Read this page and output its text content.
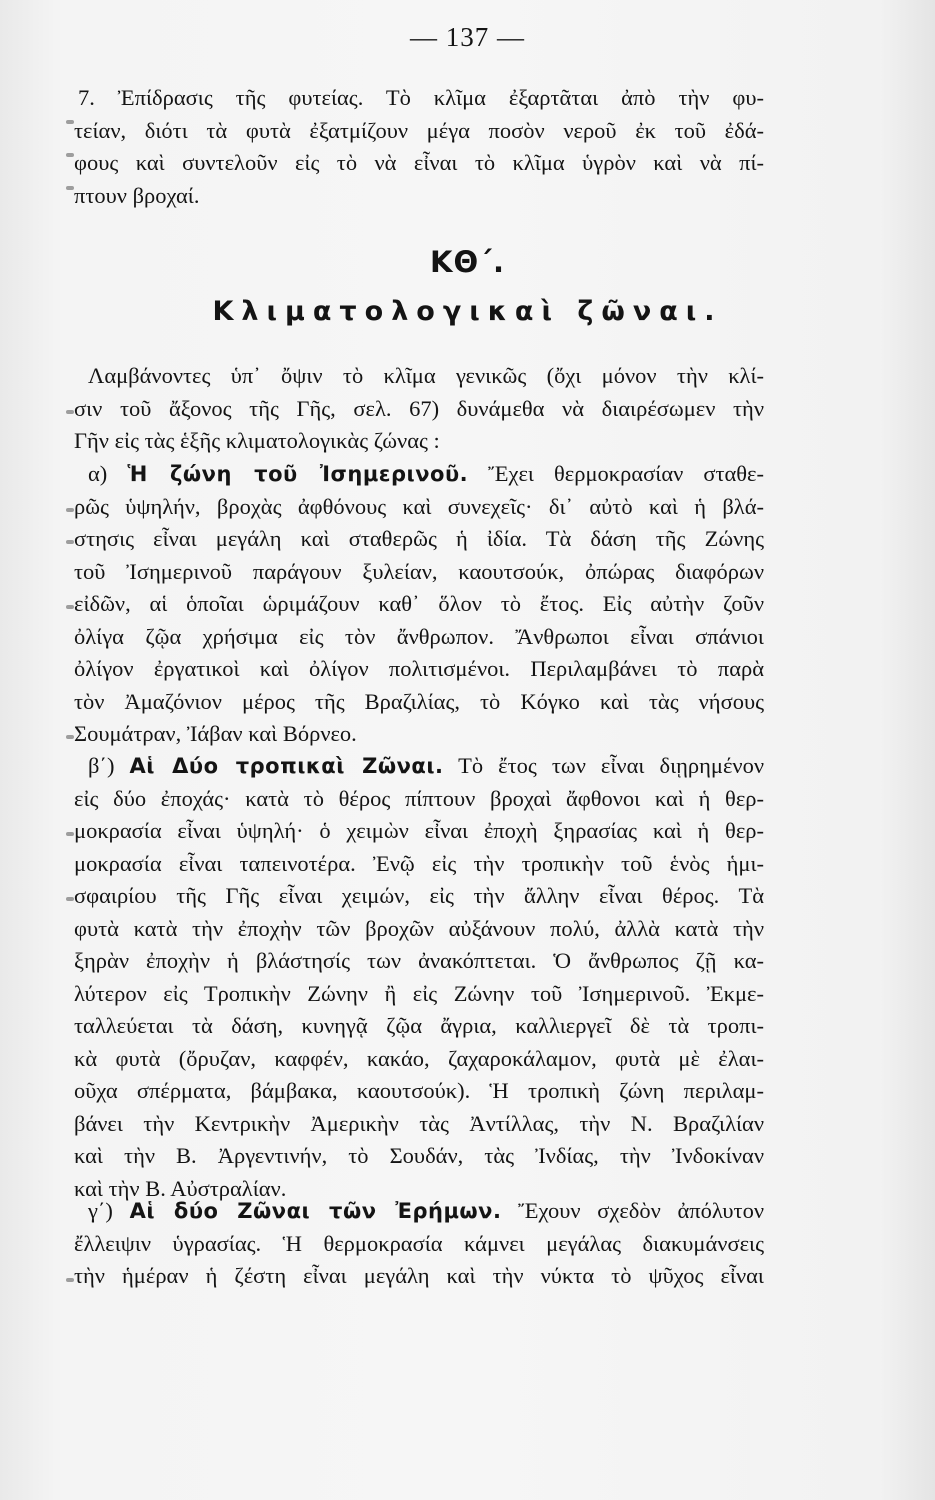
— 137 —
7. Ἐπίδρασις τῆς φυτείας. Τὸ κλῖμα ἐξαρτᾶται ἀπὸ τὴν φυ-
τείαν, διότι τὰ φυτὰ ἐξατμίζουν μέγα ποσὸν νεροῦ ἐκ τοῦ ἐδά-
φους καὶ συντελοῦν εἰς τὸ νὰ εἶναι τὸ κλῖμα ὑγρὸν καὶ νὰ πί-
πτουν βροχαί.
ΚΘ΄.
Κλιματολογικαὶ ζῶναι.
Λαμβάνοντες ὑπ᾿ ὄψιν τὸ κλῖμα γενικῶς (ὄχι μόνον τὴν κλί-
σιν τοῦ ἄξονος τῆς Γῆς, σελ. 67) δυνάμεθα νὰ διαιρέσωμεν τὴν
Γῆν εἰς τὰς ἑξῆς κλιματολογικὰς ζώνας :
α) Ἡ ζώνη τοῦ Ἰσημερινοῦ. Ἔχει θερμοκρασίαν σταθε-
ρῶς ὑψηλήν, βροχὰς ἀφθόνους καὶ συνεχεῖς· δι᾿ αὐτὸ καὶ ἡ βλά-
στησις εἶναι μεγάλη καὶ σταθερῶς ἡ ἰδία. Τὰ δάση τῆς Ζώνης
τοῦ Ἰσημερινοῦ παράγουν ξυλείαν, καουτσούκ, ὀπώρας διαφόρων
εἰδῶν, αἱ ὁποῖαι ὡριμάζουν καθ᾿ ὅλον τὸ ἔτος. Εἰς αὐτὴν ζοῦν
ὀλίγα ζῷα χρήσιμα εἰς τὸν ἄνθρωπον. Ἄνθρωποι εἶναι σπάνιοι
ὀλίγον ἐργατικοὶ καὶ ὀλίγον πολιτισμένοι. Περιλαμβάνει τὸ παρὰ
τὸν Ἀμαζόνιον μέρος τῆς Βραζιλίας, τὸ Κόγκο καὶ τὰς νήσους
Σουμάτραν, Ἰάβαν καὶ Βόρνεο.
β΄) Αἱ Δύο τροπικαὶ Ζῶναι. Τὸ ἔτος των εἶναι διῃρημένον
εἰς δύο ἐποχάς· κατὰ τὸ θέρος πίπτουν βροχαὶ ἄφθονοι καὶ ἡ θερ-
μοκρασία εἶναι ὑψηλή· ὁ χειμὼν εἶναι ἐποχὴ ξηρασίας καὶ ἡ θερ-
μοκρασία εἶναι ταπεινοτέρα. Ἐνῷ εἰς τὴν τροπικὴν τοῦ ἑνὸς ἡμι-
σφαιρίου τῆς Γῆς εἶναι χειμών, εἰς τὴν ἄλλην εἶναι θέρος. Τὰ
φυτὰ κατὰ τὴν ἐποχὴν τῶν βροχῶν αὐξάνουν πολύ, ἀλλὰ κατὰ τὴν
ξηρὰν ἐποχὴν ἡ βλάστησίς των ἀνακόπτεται. Ὁ ἄνθρωπος ζῇ κα-
λύτερον εἰς Τροπικὴν Ζώνην ἢ εἰς Ζώνην τοῦ Ἰσημερινοῦ. Ἐκμε-
ταλλεύεται τὰ δάση, κυνηγᾷ ζῷα ἄγρια, καλλιεργεῖ δὲ τὰ τροπι-
κὰ φυτὰ (ὄρυζαν, καφφέν, κακάο, ζαχαροκάλαμον, φυτὰ μὲ ἐλαι-
οῦχα σπέρματα, βάμβακα, καουτσούκ). Ἡ τροπικὴ ζώνη περιλαμ-
βάνει τὴν Κεντρικὴν Ἀμερικὴν τὰς Ἀντίλλας, τὴν Ν. Βραζιλίαν
καὶ τὴν Β. Ἀργεντινήν, τὸ Σουδάν, τὰς Ἰνδίας, τὴν Ἰνδοκίναν
καὶ τὴν Β. Αὐστραλίαν.
γ΄) Αἱ δύο Ζῶναι τῶν Ἐρήμων. Ἔχουν σχεδὸν ἀπόλυτον
ἔλλειψιν ὑγρασίας. Ἡ θερμοκρασία κάμνει μεγάλας διακυμάνσεις
τὴν ἡμέραν ἡ ζέστη εἶναι μεγάλη καὶ τὴν νύκτα τὸ ψῦχος εἶναι
